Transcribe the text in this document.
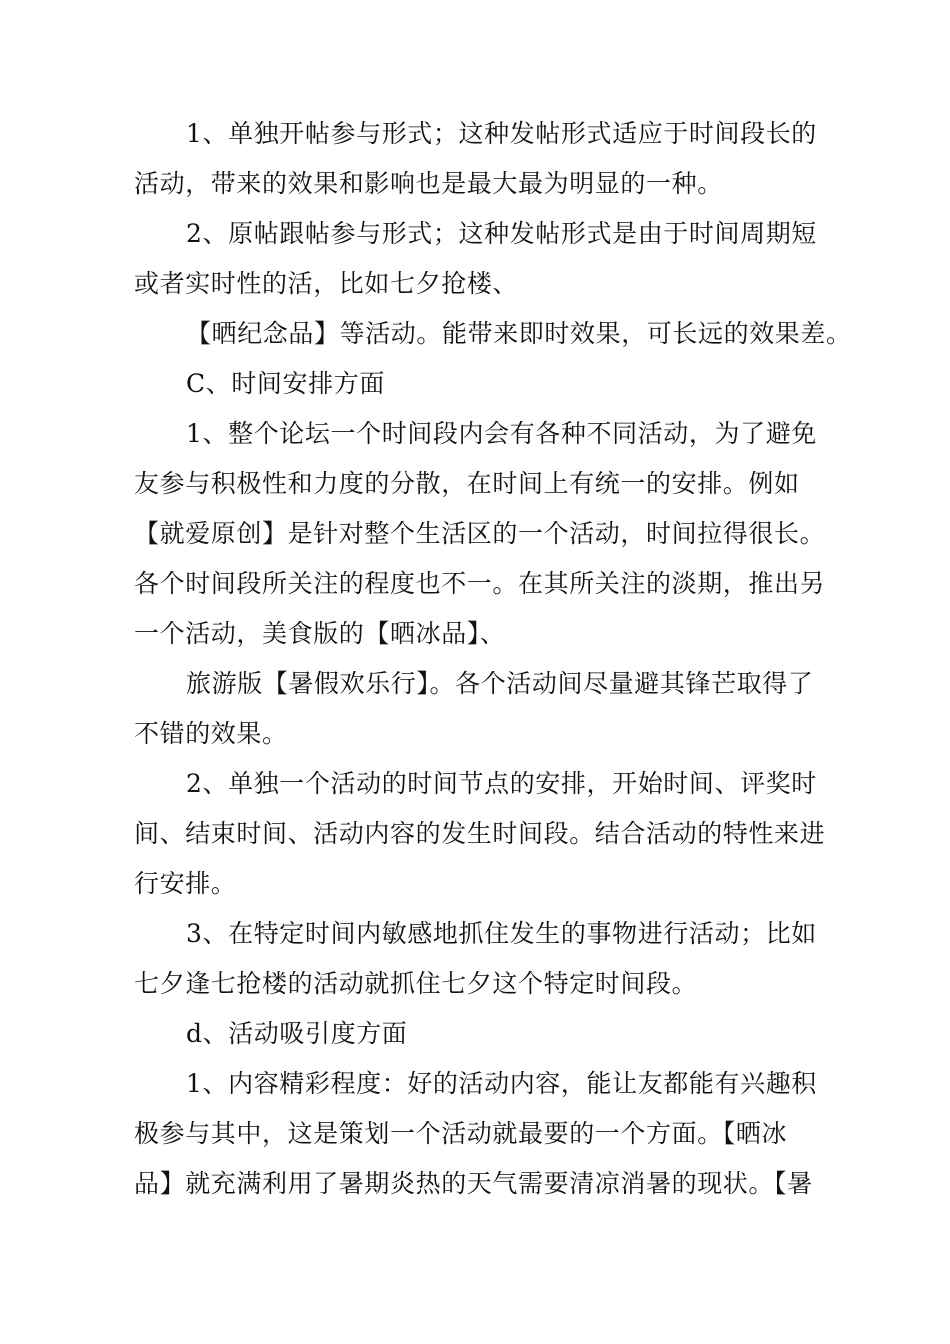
1、单独开帖参与形式；这种发帖形式适应于时间段长的
活动，带来的效果和影响也是最大最为明显的一种。
2、原帖跟帖参与形式；这种发帖形式是由于时间周期短
或者实时性的活，比如七夕抢楼、
【晒纪念品】等活动。能带来即时效果，可长远的效果差。
C、时间安排方面
1、整个论坛一个时间段内会有各种不同活动，为了避免
友参与积极性和力度的分散，在时间上有统一的安排。例如
【就爱原创】是针对整个生活区的一个活动，时间拉得很长。
各个时间段所关注的程度也不一。在其所关注的淡期，推出另
一个活动，美食版的【晒冰品】、
旅游版【暑假欢乐行】。各个活动间尽量避其锋芒取得了
不错的效果。
2、单独一个活动的时间节点的安排，开始时间、评奖时
间、结束时间、活动内容的发生时间段。结合活动的特性来进
行安排。
3、在特定时间内敏感地抓住发生的事物进行活动；比如
七夕逢七抢楼的活动就抓住七夕这个特定时间段。
d、活动吸引度方面
1、内容精彩程度：好的活动内容，能让友都能有兴趣积
极参与其中，这是策划一个活动就最要的一个方面。【晒冰
品】就充满利用了暑期炎热的天气需要清凉消暑的现状。【暑
